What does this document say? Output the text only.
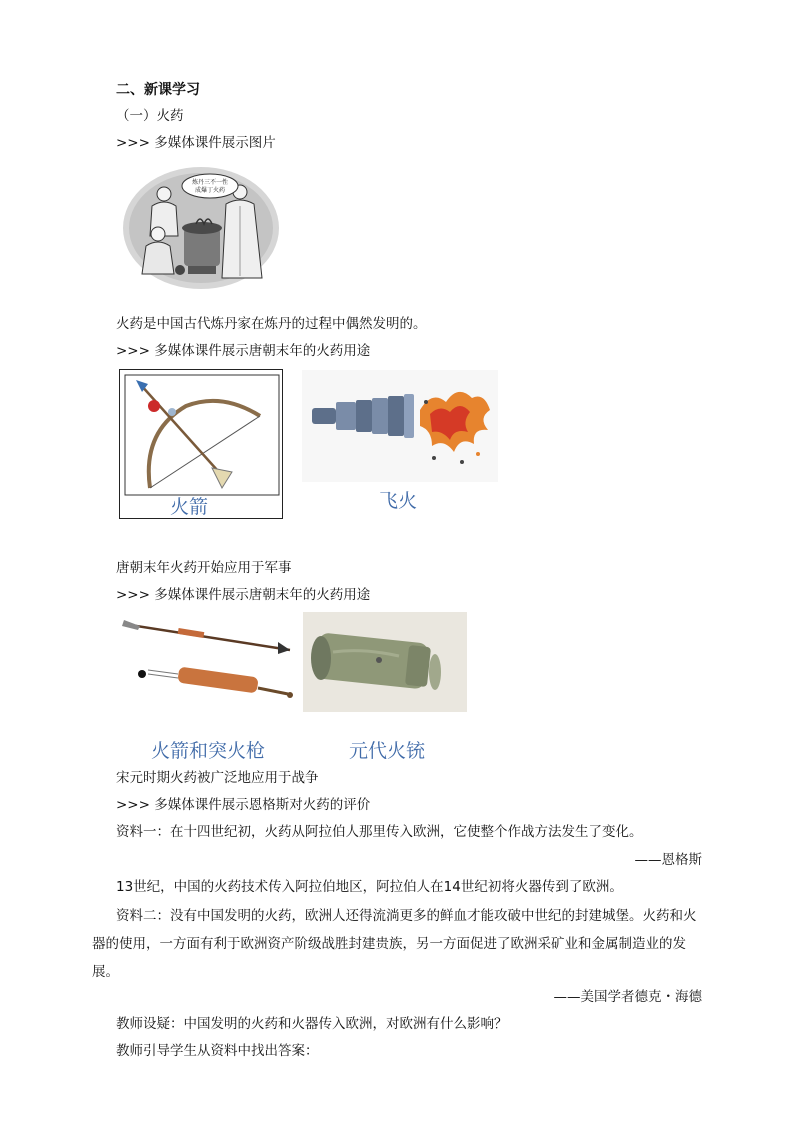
二、新课学习
（一）火药
>>> 多媒体课件展示图片
炼丹三不一性
成爆丁火药
火药是中国古代炼丹家在炼丹的过程中偶然发明的。
>>> 多媒体课件展示唐朝末年的火药用途
火箭	飞火
唐朝末年火药开始应用于军事
>>> 多媒体课件展示唐朝末年的火药用途
火箭和突火枪	元代火铳
宋元时期火药被广泛地应用于战争
>>> 多媒体课件展示恩格斯对火药的评价
资料一：在十四世纪初，火药从阿拉伯人那里传入欧洲，它使整个作战方法发生了变化。
——恩格斯
13世纪，中国的火药技术传入阿拉伯地区，阿拉伯人在14世纪初将火器传到了欧洲。
资料二：没有中国发明的火药，欧洲人还得流淌更多的鲜血才能攻破中世纪的封建城堡。火药和火器的使用，一方面有利于欧洲资产阶级战胜封建贵族，另一方面促进了欧洲采矿业和金属制造业的发展。
——美国学者德克・海德
教师设疑：中国发明的火药和火器传入欧洲，对欧洲有什么影响？
教师引导学生从资料中找出答案：
